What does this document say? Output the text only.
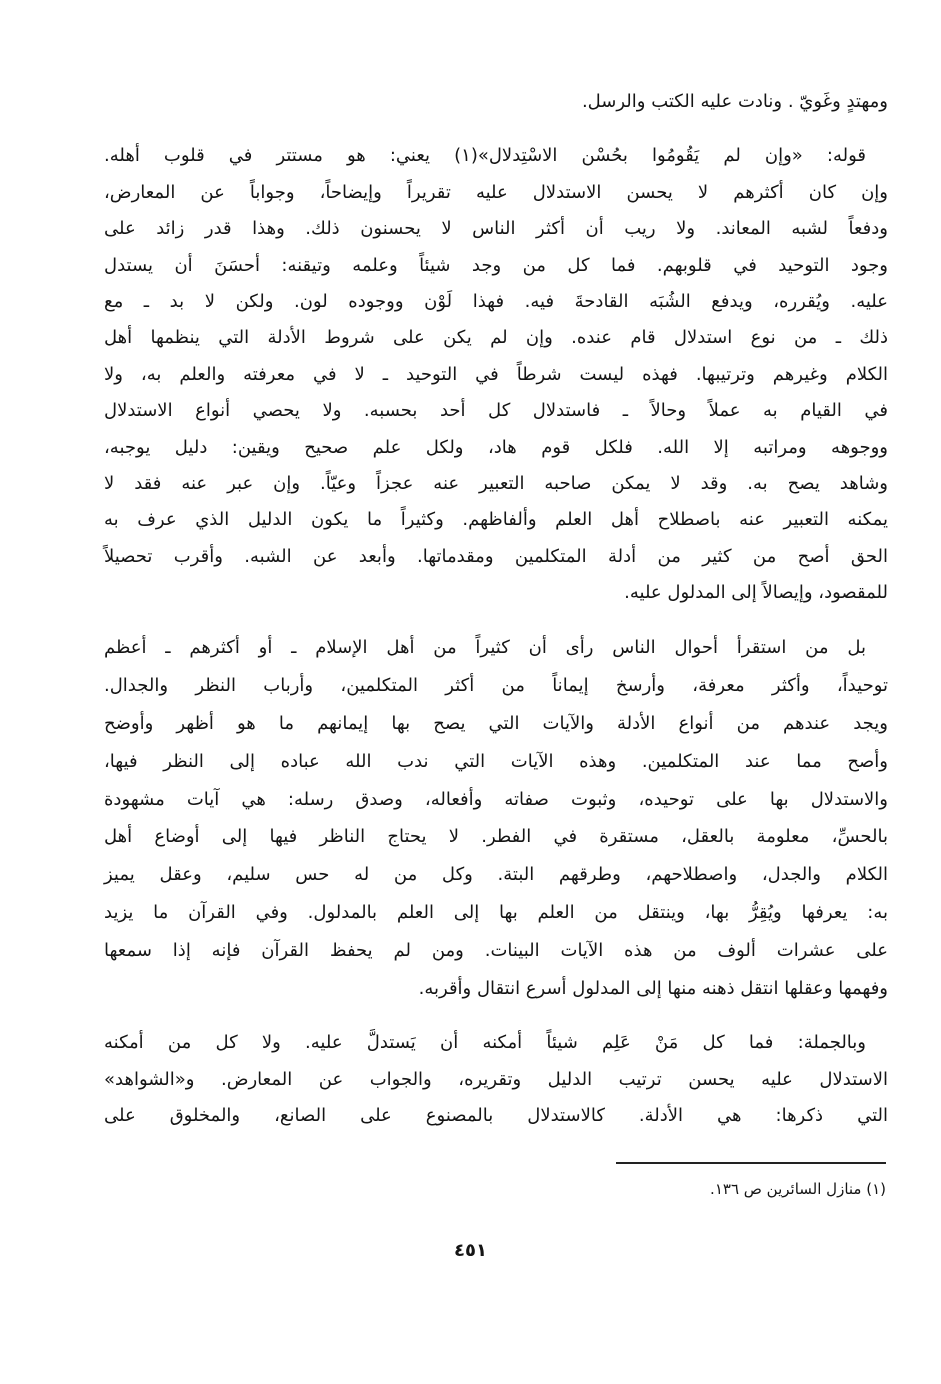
ومهتدٍ وغَويّ . ونادت عليه الكتب والرسل.
قوله: «وإن لم يَقُومُوا بحُسْن الاسْتِدلال»(١) يعني: هو مستتر في قلوب أهله.
وإن كان أكثرهم لا يحسن الاستدلال عليه تقريراً وإيضاحاً، وجواباً عن المعارض،
ودفعاً لشبه المعاند. ولا ريب أن أكثر الناس لا يحسنون ذلك. وهذا قدر زائد على
وجود التوحيد في قلوبهم. فما كل من وجد شيئاً وعلمه وتيقنه: أحسَنَ أن يستدل
عليه. ويُقرره، ويدفع الشُبَه القادحةَ فيه. فهذا لَوْن ووجوده لون. ولكن لا بد ـ مع
ذلك ـ من نوع استدلال قام عنده. وإن لم يكن على شروط الأدلة التي ينظمها أهل
الكلام وغيرهم وترتيبها. فهذه ليست شرطاً في التوحيد ـ لا في معرفته والعلم به، ولا
في القيام به عملاً وحالاً ـ فاستدلال كل أحد بحسبه. ولا يحصي أنواع الاستدلال
ووجوهه ومراتبه إلا الله. فلكل قوم هاد، ولكل علم صحيح ويقين: دليل يوجبه،
وشاهد يصح به. وقد لا يمكن صاحبه التعبير عنه عجزاً وعيّاً. وإن عبر عنه فقد لا
يمكنه التعبير عنه باصطلاح أهل العلم وألفاظهم. وكثيراً ما يكون الدليل الذي عرف به
الحق أصح من كثير من أدلة المتكلمين ومقدماتها. وأبعد عن الشبه. وأقرب تحصيلاً
للمقصود، وإيصالاً إلى المدلول عليه.
بل من استقرأ أحوال الناس رأى أن كثيراً من أهل الإسلام ـ أو أكثرهم ـ أعظم
توحيداً، وأكثر معرفة، وأرسخ إيماناً من أكثر المتكلمين، وأرباب النظر والجدال.
ويجد عندهم من أنواع الأدلة والآيات التي يصح بها إيمانهم ما هو أظهر وأوضح
وأصح مما عند المتكلمين. وهذه الآيات التي ندب الله عباده إلى النظر فيها،
والاستدلال بها على توحيده، وثبوت صفاته وأفعاله، وصدق رسله: هي آيات مشهودة
بالحسِّ، معلومة بالعقل، مستقرة في الفطر. لا يحتاج الناظر فيها إلى أوضاع أهل
الكلام والجدل، واصطلاحهم، وطرقهم البتة. وكل من له حس سليم، وعقل يميز
به: يعرفها ويُقِرُّ بها، وينتقل من العلم بها إلى العلم بالمدلول. وفي القرآن ما يزيد
على عشرات ألوف من هذه الآيات البينات. ومن لم يحفظ القرآن فإنه إذا سمعها
وفهمها وعقلها انتقل ذهنه منها إلى المدلول أسرع انتقال وأقربه.
وبالجملة: فما كل مَنْ عَلِم شيئاً أمكنه أن يَستدلَّ عليه. ولا كل من أمكنه
الاستدلال عليه يحسن ترتيب الدليل وتقريره، والجواب عن المعارض. و«الشواهد»
التي ذكرها: هي الأدلة. كالاستدلال بالمصنوع على الصانع، والمخلوق على
(١) منازل السائرين ص ١٣٦.
٤٥١
